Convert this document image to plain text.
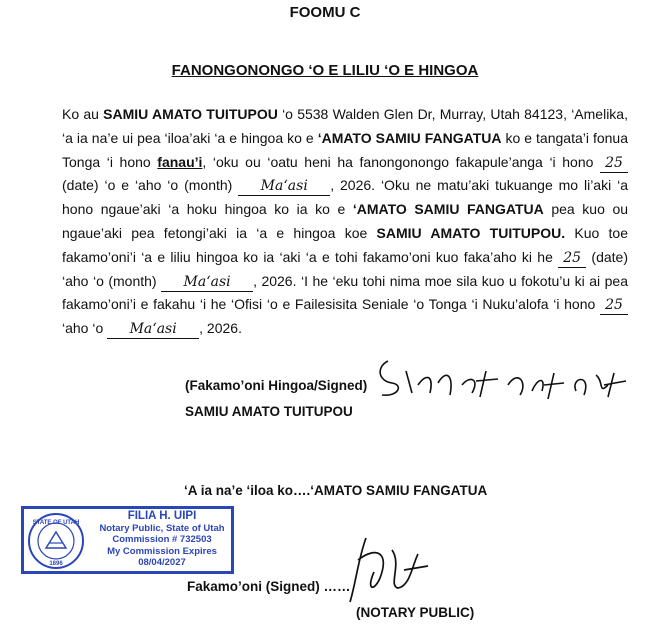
FOOMU C
FANONGONONGO ‘O E LILIU ‘O E HINGOA
Ko au SAMIU AMATO TUITUPOU ‘o 5538 Walden Glen Dr, Murray, Utah 84123, ‘Amelika, ‘a ia na’e ui pea ‘iloa’aki ‘a e hingoa ko e ‘AMATO SAMIU FANGATUA ko e tangata’i fonua Tonga ‘i hono fanau’i, ‘oku ou ‘oatu heni ha fanongonongo fakapule’anga ‘i hono 25 (date) ‘o e ‘aho ‘o (month) Maʻasi , 2026. ‘Oku ne matu’aki tukuange mo li’aki ‘a hono ngaue’aki ‘a hoku hingoa ko ia ko e ‘AMATO SAMIU FANGATUA pea kuo ou ngaue’aki pea fetongi’aki ia ‘a e hingoa koe SAMIU AMATO TUITUPOU. Kuo toe fakamo’oni’i ‘a e liliu hingoa ko ia ‘aki ‘a e tohi fakamo’oni kuo faka’aho ki he 25 (date) ‘aho ‘o (month) Maʻasi , 2026. ‘I he ‘eku tohi nima moe sila kuo u fokotu’u ki ai pea fakamo’oni’i e fakahu ‘i he ‘Ofisi ‘o e Failesisita Seniale ‘o Tonga ‘i Nuku’alofa ‘i hono 25 ‘aho ‘o Maʻasi , 2026.
(Fakamo’oni Hingoa/Signed)
SAMIU AMATO TUITUPOU
‘A ia na’e ‘iloa ko….‘AMATO SAMIU FANGATUA
STATE OF UTAH
1896
FILIA H. UIPI
Notary Public, State of Utah
Commission # 732503
My Commission Expires
08/04/2027
Fakamo’oni (Signed) ……
(NOTARY PUBLIC)
